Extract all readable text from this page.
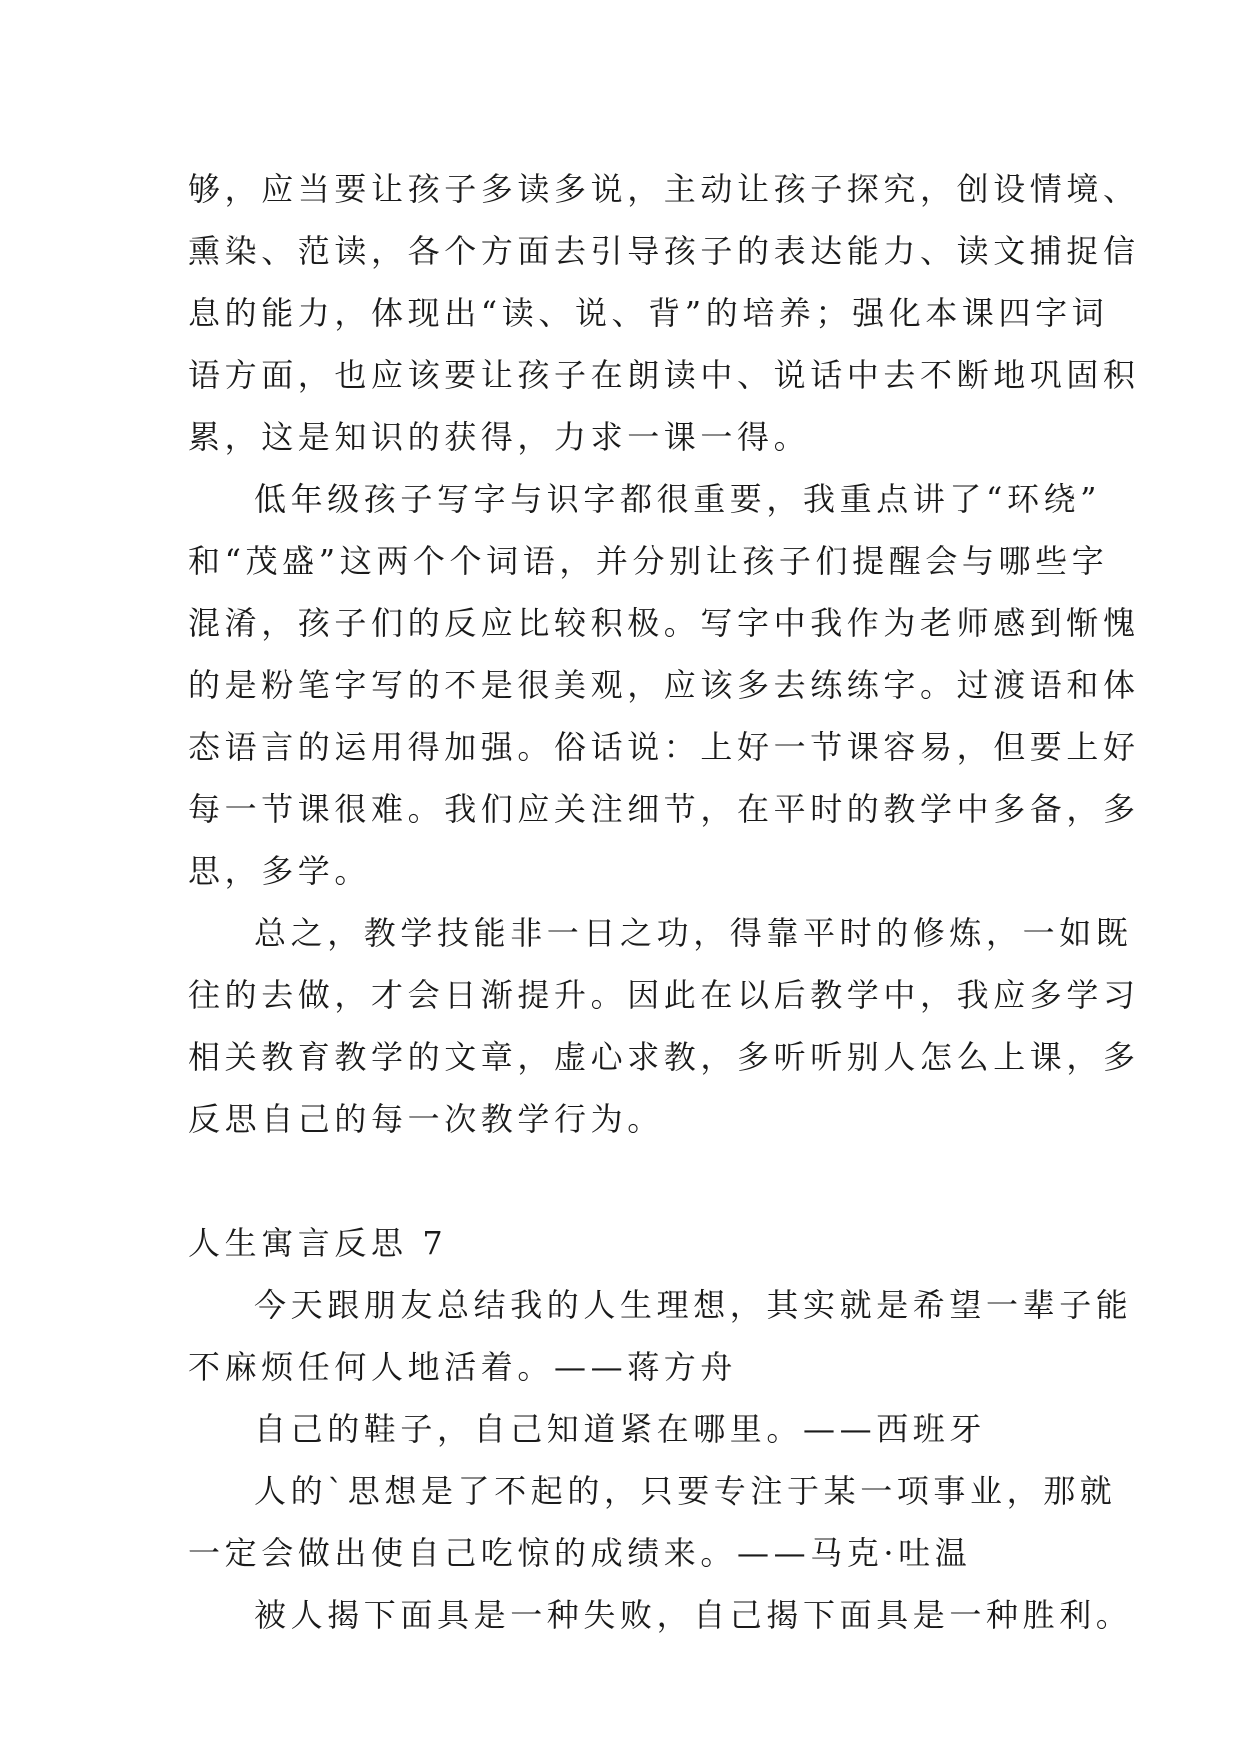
够，应当要让孩子多读多说，主动让孩子探究，创设情境、
熏染、范读，各个方面去引导孩子的表达能力、读文捕捉信
息的能力，体现出“读、说、背”的培养；强化本课四字词
语方面，也应该要让孩子在朗读中、说话中去不断地巩固积
累，这是知识的获得，力求一课一得。
低年级孩子写字与识字都很重要，我重点讲了“环绕”
和“茂盛”这两个个词语，并分别让孩子们提醒会与哪些字
混淆，孩子们的反应比较积极。写字中我作为老师感到惭愧
的是粉笔字写的不是很美观，应该多去练练字。过渡语和体
态语言的运用得加强。俗话说：上好一节课容易，但要上好
每一节课很难。我们应关注细节，在平时的教学中多备，多
思，多学。
总之，教学技能非一日之功，得靠平时的修炼，一如既
往的去做，才会日渐提升。因此在以后教学中，我应多学习
相关教育教学的文章，虚心求教，多听听别人怎么上课，多
反思自己的每一次教学行为。
人生寓言反思 7
今天跟朋友总结我的人生理想，其实就是希望一辈子能
不麻烦任何人地活着。——蒋方舟
自己的鞋子，自己知道紧在哪里。——西班牙
人的`思想是了不起的，只要专注于某一项事业，那就
一定会做出使自己吃惊的成绩来。——马克·吐温
被人揭下面具是一种失败，自己揭下面具是一种胜利。
